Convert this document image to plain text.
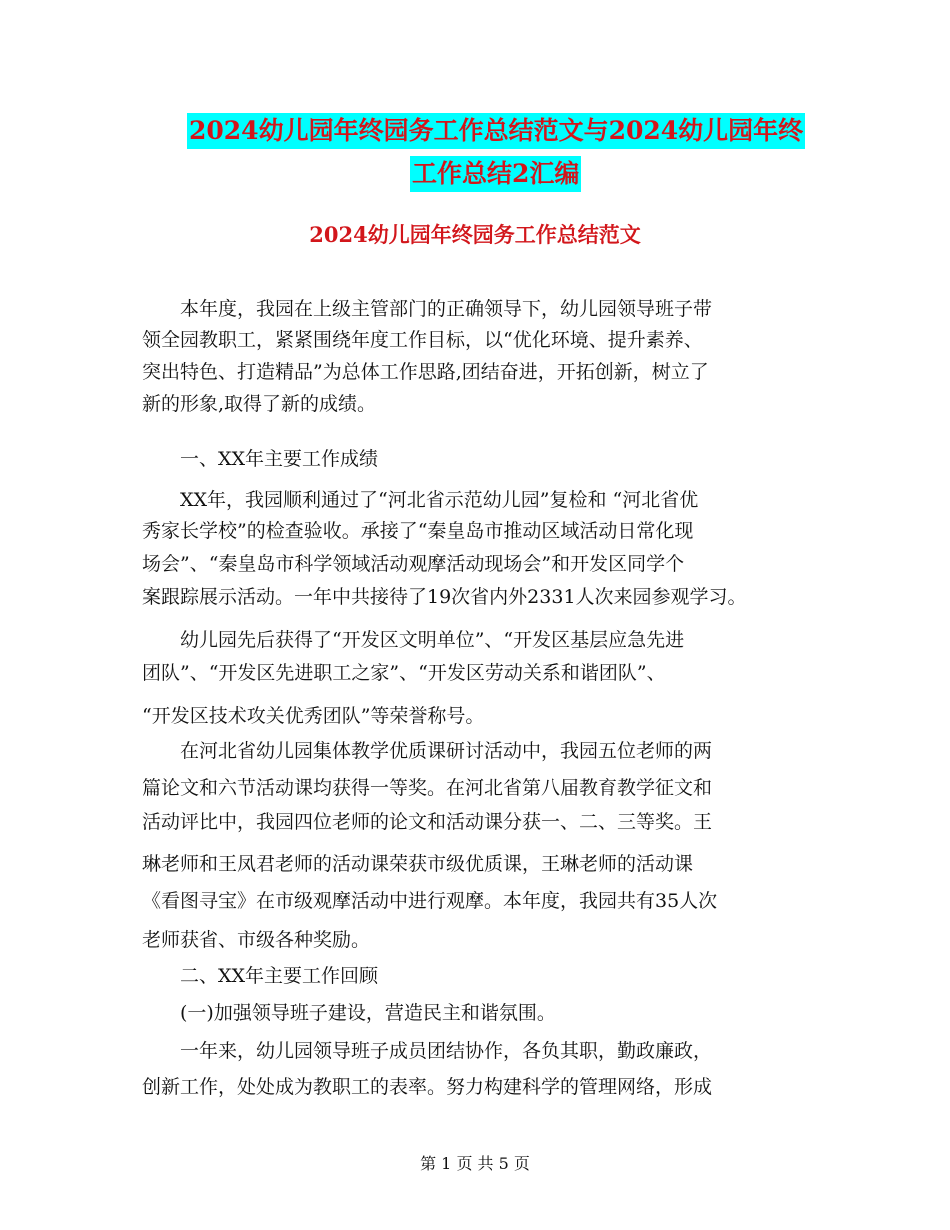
2024幼儿园年终园务工作总结范文与2024幼儿园年终
工作总结2汇编
2024幼儿园年终园务工作总结范文
　　本年度，我园在上级主管部门的正确领导下，幼儿园领导班子带
领全园教职工，紧紧围绕年度工作目标，以“优化环境、提升素养、
突出特色、打造精品”为总体工作思路,团结奋进，开拓创新，树立了
新的形象,取得了新的成绩。
　　一、XX年主要工作成绩
　　XX年，我园顺利通过了“河北省示范幼儿园”复检和 “河北省优
秀家长学校”的检查验收。承接了“秦皇岛市推动区域活动日常化现
场会”、“秦皇岛市科学领域活动观摩活动现场会”和开发区同学个
案跟踪展示活动。一年中共接待了19次省内外2331人次来园参观学习。
　　幼儿园先后获得了“开发区文明单位”、“开发区基层应急先进
团队”、“开发区先进职工之家”、“开发区劳动关系和谐团队”、
“开发区技术攻关优秀团队”等荣誉称号。
　　在河北省幼儿园集体教学优质课研讨活动中，我园五位老师的两
篇论文和六节活动课均获得一等奖。在河北省第八届教育教学征文和
活动评比中，我园四位老师的论文和活动课分获一、二、三等奖。王
琳老师和王凤君老师的活动课荣获市级优质课，王琳老师的活动课
《看图寻宝》在市级观摩活动中进行观摩。本年度，我园共有35人次
老师获省、市级各种奖励。
　　二、XX年主要工作回顾
　　(一)加强领导班子建设，营造民主和谐氛围。
　　一年来，幼儿园领导班子成员团结协作，各负其职，勤政廉政，
创新工作，处处成为教职工的表率。努力构建科学的管理网络，形成
第 1 页 共 5 页
